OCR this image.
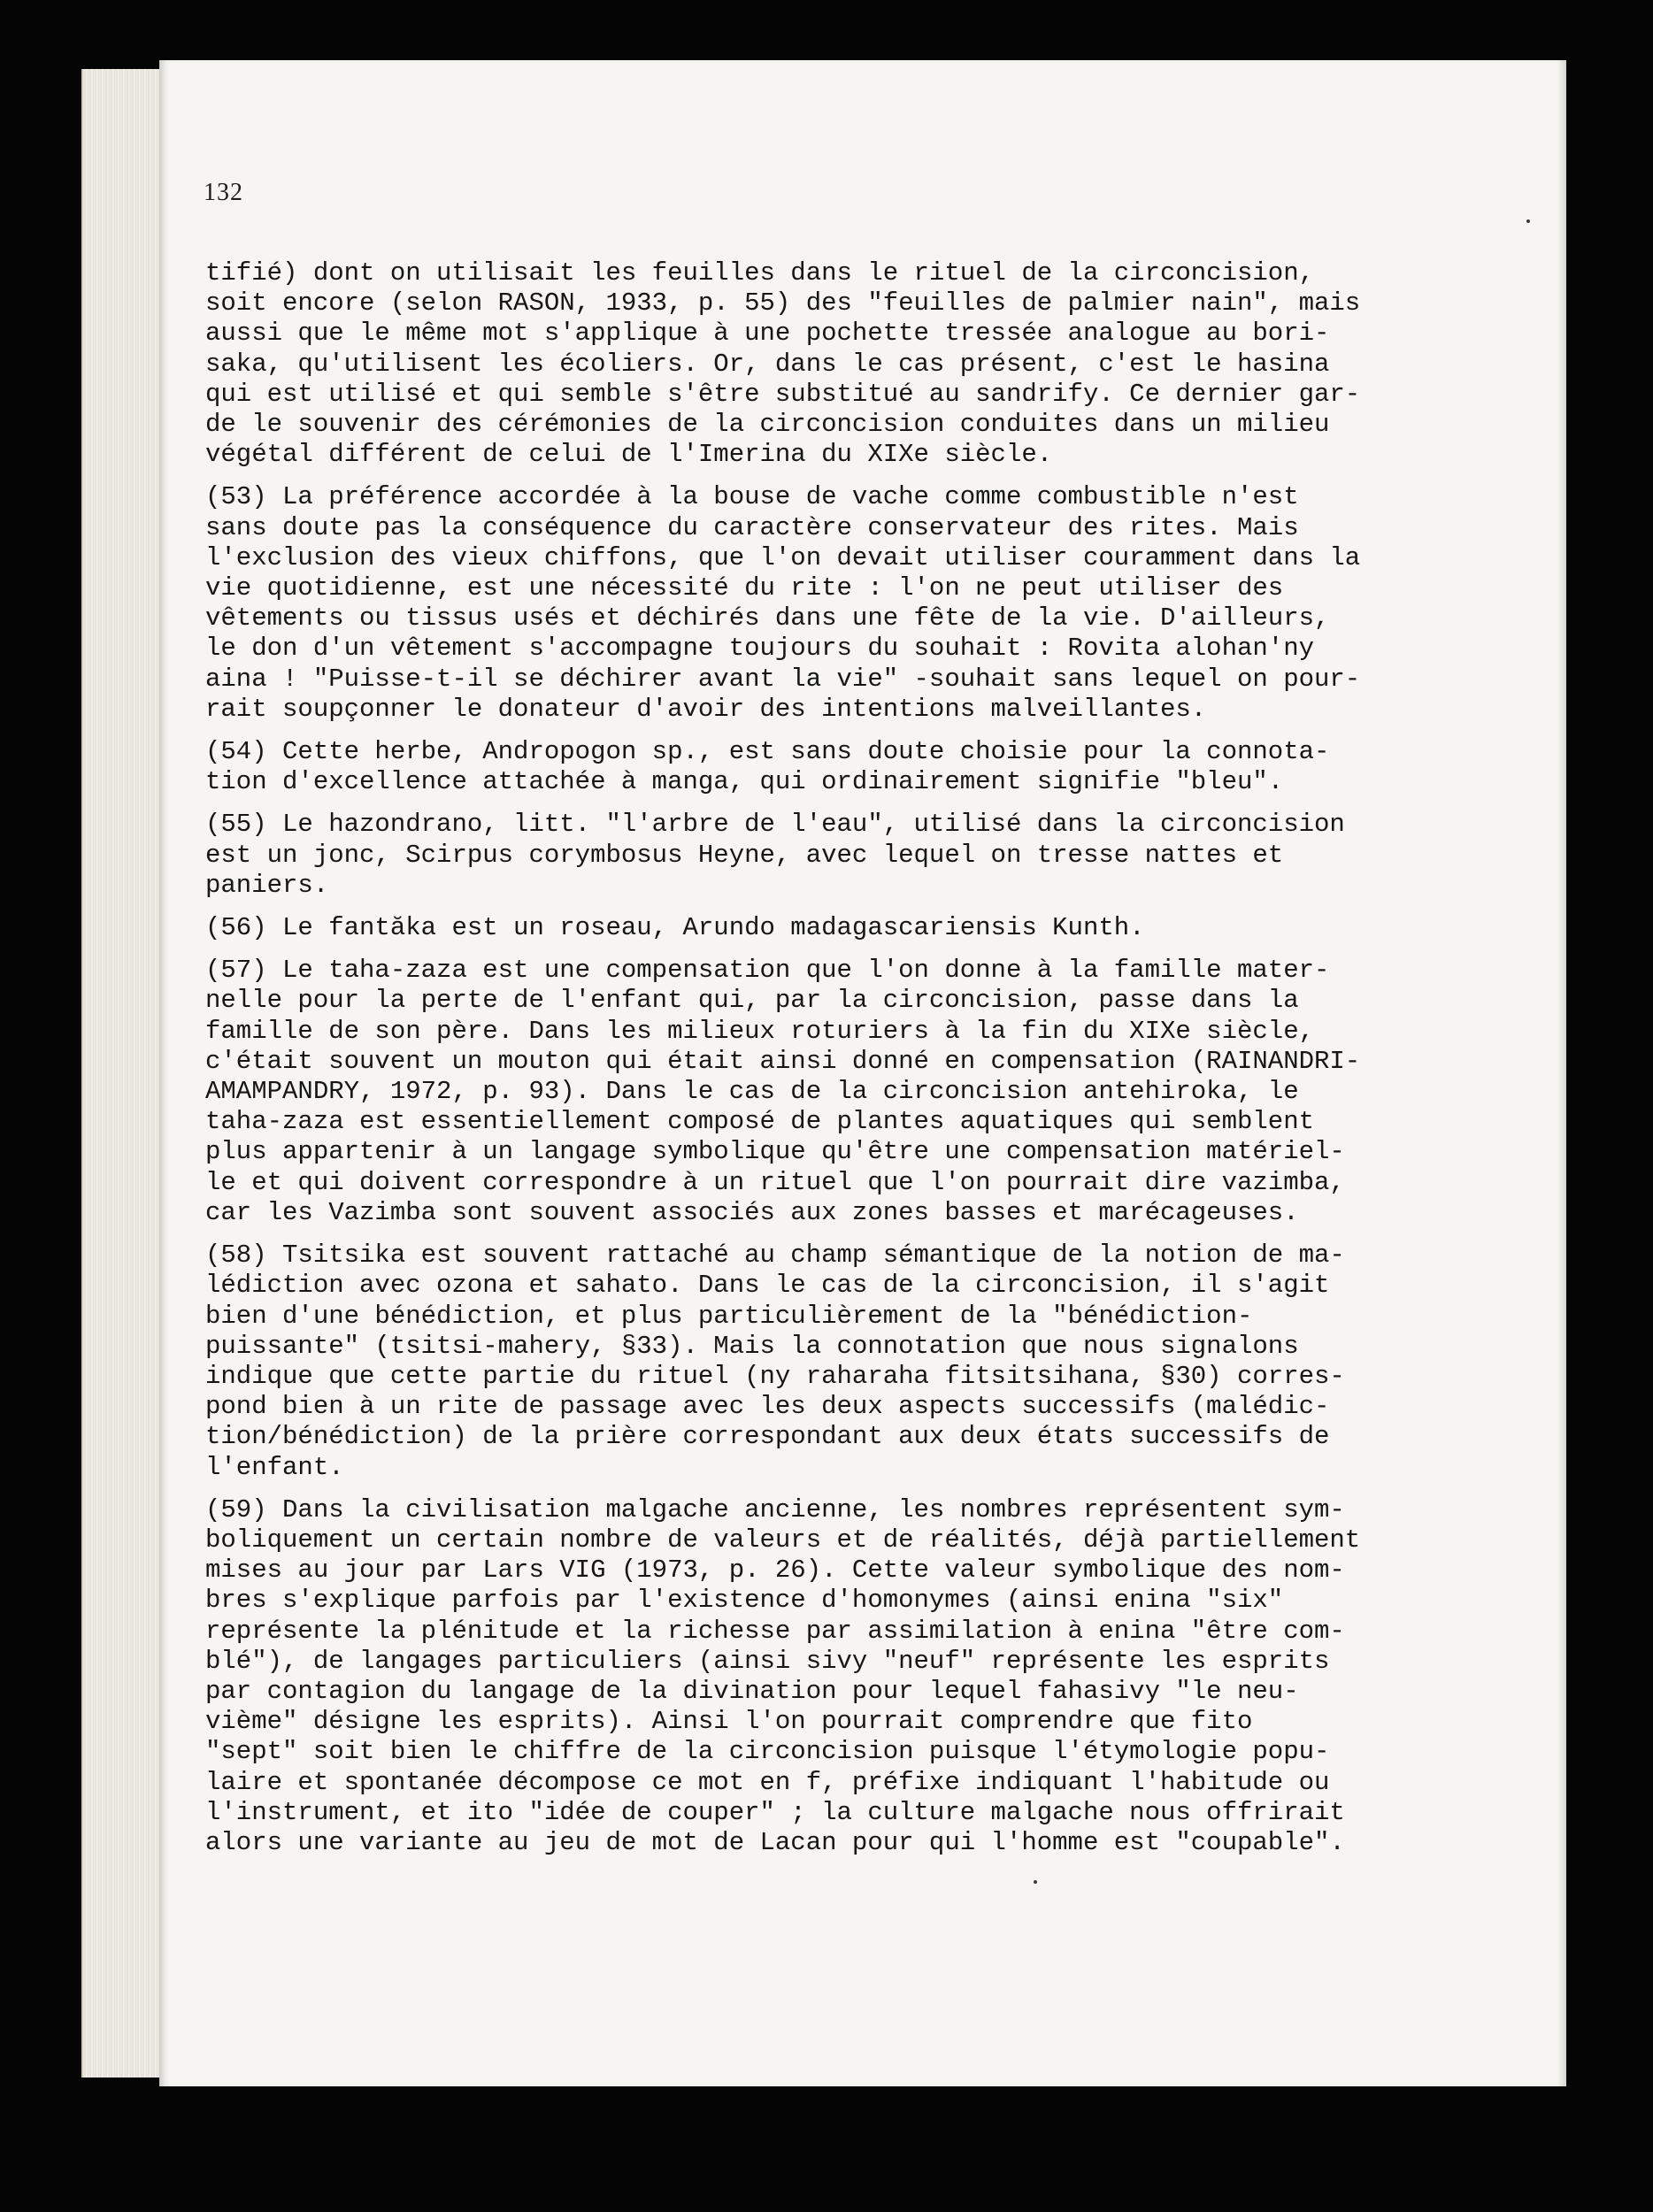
132
tifié) dont on utilisait les feuilles dans le rituel de la circoncision,
soit encore (selon RASON, 1933, p. 55) des "feuilles de palmier nain", mais
aussi que le même mot s'applique à une pochette tressée analogue au bori-
saka, qu'utilisent les écoliers. Or, dans le cas présent, c'est le hasina
qui est utilisé et qui semble s'être substitué au sandrify. Ce dernier gar-
de le souvenir des cérémonies de la circoncision conduites dans un milieu
végétal différent de celui de l'Imerina du XIXe siècle.
(53) La préférence accordée à la bouse de vache comme combustible n'est
sans doute pas la conséquence du caractère conservateur des rites. Mais
l'exclusion des vieux chiffons, que l'on devait utiliser couramment dans la
vie quotidienne, est une nécessité du rite : l'on ne peut utiliser des
vêtements ou tissus usés et déchirés dans une fête de la vie. D'ailleurs,
le don d'un vêtement s'accompagne toujours du souhait : Rovita alohan'ny
aina ! "Puisse-t-il se déchirer avant la vie" -souhait sans lequel on pour-
rait soupçonner le donateur d'avoir des intentions malveillantes.
(54) Cette herbe, Andropogon sp., est sans doute choisie pour la connota-
tion d'excellence attachée à manga, qui ordinairement signifie "bleu".
(55) Le hazondrano, litt. "l'arbre de l'eau", utilisé dans la circoncision
est un jonc, Scirpus corymbosus Heyne, avec lequel on tresse nattes et
paniers.
(56) Le fantăka est un roseau, Arundo madagascariensis Kunth.
(57) Le taha-zaza est une compensation que l'on donne à la famille mater-
nelle pour la perte de l'enfant qui, par la circoncision, passe dans la
famille de son père. Dans les milieux roturiers à la fin du XIXe siècle,
c'était souvent un mouton qui était ainsi donné en compensation (RAINANDRI-
AMAMPANDRY, 1972, p. 93). Dans le cas de la circoncision antehiroka, le
taha-zaza est essentiellement composé de plantes aquatiques qui semblent
plus appartenir à un langage symbolique qu'être une compensation matériel-
le et qui doivent correspondre à un rituel que l'on pourrait dire vazimba,
car les Vazimba sont souvent associés aux zones basses et marécageuses.
(58) Tsitsika est souvent rattaché au champ sémantique de la notion de ma-
lédiction avec ozona et sahato. Dans le cas de la circoncision, il s'agit
bien d'une bénédiction, et plus particulièrement de la "bénédiction-
puissante" (tsitsi-mahery, §33). Mais la connotation que nous signalons
indique que cette partie du rituel (ny raharaha fitsitsihana, §30) corres-
pond bien à un rite de passage avec les deux aspects successifs (malédic-
tion/bénédiction) de la prière correspondant aux deux états successifs de
l'enfant.
(59) Dans la civilisation malgache ancienne, les nombres représentent sym-
boliquement un certain nombre de valeurs et de réalités, déjà partiellement
mises au jour par Lars VIG (1973, p. 26). Cette valeur symbolique des nom-
bres s'explique parfois par l'existence d'homonymes (ainsi enina "six"
représente la plénitude et la richesse par assimilation à enina "être com-
blé"), de langages particuliers (ainsi sivy "neuf" représente les esprits
par contagion du langage de la divination pour lequel fahasivy "le neu-
vième" désigne les esprits). Ainsi l'on pourrait comprendre que fito
"sept" soit bien le chiffre de la circoncision puisque l'étymologie popu-
laire et spontanée décompose ce mot en f, préfixe indiquant l'habitude ou
l'instrument, et ito "idée de couper" ; la culture malgache nous offrirait
alors une variante au jeu de mot de Lacan pour qui l'homme est "coupable".
